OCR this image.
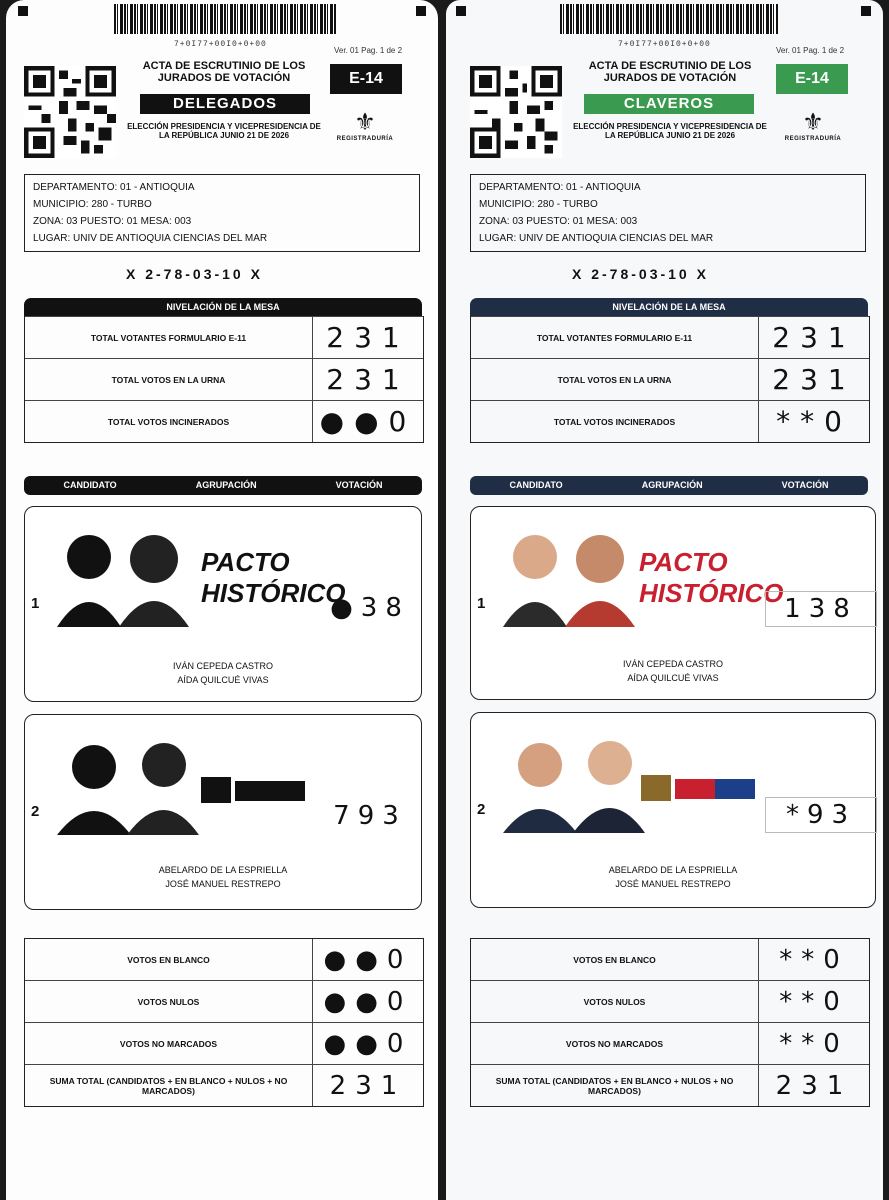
7+0I77+00I0+0+00
Ver. 01 Pag. 1 de 2
ACTA DE ESCRUTINIO DE LOS JURADOS DE VOTACIÓN
DELEGADOS
ELECCIÓN PRESIDENCIA Y VICEPRESIDENCIA DE LA REPÚBLICA JUNIO 21 DE 2026
E-14
⚜
REGISTRADURÍA
DEPARTAMENTO: 01 - ANTIOQUIA
MUNICIPIO: 280 - TURBO
ZONA: 03 PUESTO: 01 MESA: 003
LUGAR: UNIV DE ANTIOQUIA CIENCIAS DEL MAR
X 2-78-03-10 X
NIVELACIÓN DE LA MESA
TOTAL VOTANTES FORMULARIO E-11	231
TOTAL VOTOS EN LA URNA	231
TOTAL VOTOS INCINERADOS	●●0
CANDIDATO	AGRUPACIÓN	VOTACIÓN
1
PACTO HISTÓRICO
●38
IVÁN CEPEDA CASTRO
AÍDA QUILCUÉ VIVAS
2	793
ABELARDO DE LA ESPRIELLA
JOSÉ MANUEL RESTREPO
VOTOS EN BLANCO	●●0
VOTOS NULOS	●●0
VOTOS NO MARCADOS	●●0
SUMA TOTAL (CANDIDATOS + EN BLANCO + NULOS + NO MARCADOS)	231
7+0I77+00I0+0+00
Ver. 01 Pag. 1 de 2
ACTA DE ESCRUTINIO DE LOS JURADOS DE VOTACIÓN
CLAVEROS
ELECCIÓN PRESIDENCIA Y VICEPRESIDENCIA DE LA REPÚBLICA JUNIO 21 DE 2026
E-14
⚜
REGISTRADURÍA
DEPARTAMENTO: 01 - ANTIOQUIA
MUNICIPIO: 280 - TURBO
ZONA: 03 PUESTO: 01 MESA: 003
LUGAR: UNIV DE ANTIOQUIA CIENCIAS DEL MAR
X 2-78-03-10 X
NIVELACIÓN DE LA MESA
TOTAL VOTANTES FORMULARIO E-11	231
TOTAL VOTOS EN LA URNA	231
TOTAL VOTOS INCINERADOS	**0
CANDIDATO	AGRUPACIÓN	VOTACIÓN
1
PACTO HISTÓRICO
138
IVÁN CEPEDA CASTRO
AÍDA QUILCUÉ VIVAS
2	*93
ABELARDO DE LA ESPRIELLA
JOSÉ MANUEL RESTREPO
VOTOS EN BLANCO	**0
VOTOS NULOS	**0
VOTOS NO MARCADOS	**0
SUMA TOTAL (CANDIDATOS + EN BLANCO + NULOS + NO MARCADOS)	231
